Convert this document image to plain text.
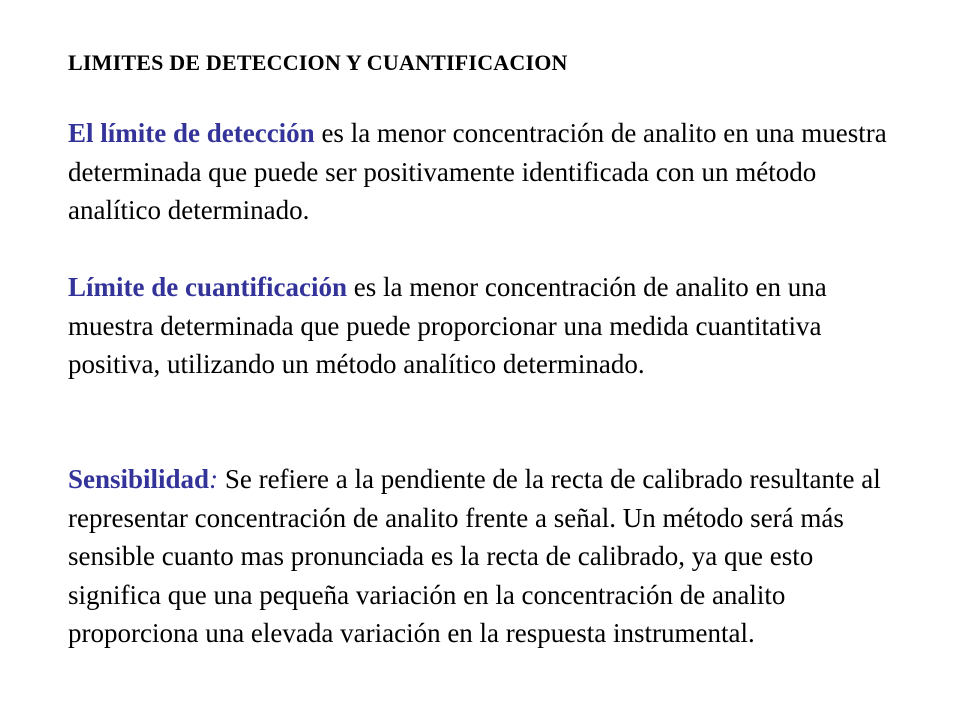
LIMITES DE DETECCION Y CUANTIFICACION

El límite de detección es la menor concentración de analito en una muestra determinada que puede ser positivamente identificada con un método analítico determinado.

Límite de cuantificación es la menor concentración de analito en una muestra determinada que puede proporcionar una medida cuantitativa positiva, utilizando un método analítico determinado.

Sensibilidad: Se refiere a la pendiente de la recta de calibrado resultante al representar concentración de analito frente a señal. Un método será más sensible cuanto mas pronunciada es la recta de calibrado, ya que esto significa que una pequeña variación en la concentración de analito proporciona una elevada variación en la respuesta instrumental.
